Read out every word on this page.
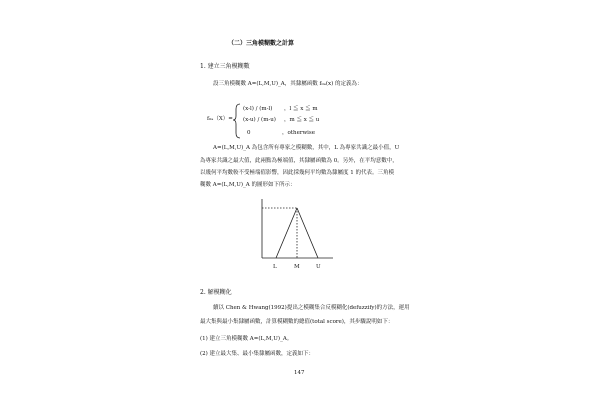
（二）三角模糊數之計算
1. 建立三角模糊數
設三角模糊數 A=(L,M,U)_A，其隸屬函數 f₀ₐ(x) 的定義為：
f₀ₐ（X）=
(x-l) / (m-l) ，l ≦ x ≦ m
(x-u) / (m-u) ，m ≦ x ≦ u
0	，otherwise
A=(L,M,U)_A 為包含所有專家之模糊數，其中，L 為專家共識之最小值，U
為專家共識之最大值，此兩點為極端值，其隸屬函數為 0。另外，在平均意數中，
以幾何平均數較不受極端值影響，因此採幾何平均數為隸屬度 1 的代表。三角模
糊數 A=(L,M,U)_A 的圖形如下所示：
L	M	U
2. 解模糊化
續以 Chen & Hwang(1992)提出之模糊集合反模糊化(defuzzify)的方法，運用
最大集與最小集隸屬函數，計算模糊數的總值(total score)，其步驟說明如下：
(1) 建立三角模糊數 A=(L,M,U)_A。
(2) 建立最大集、最小集隸屬函數，定義如下：
147
